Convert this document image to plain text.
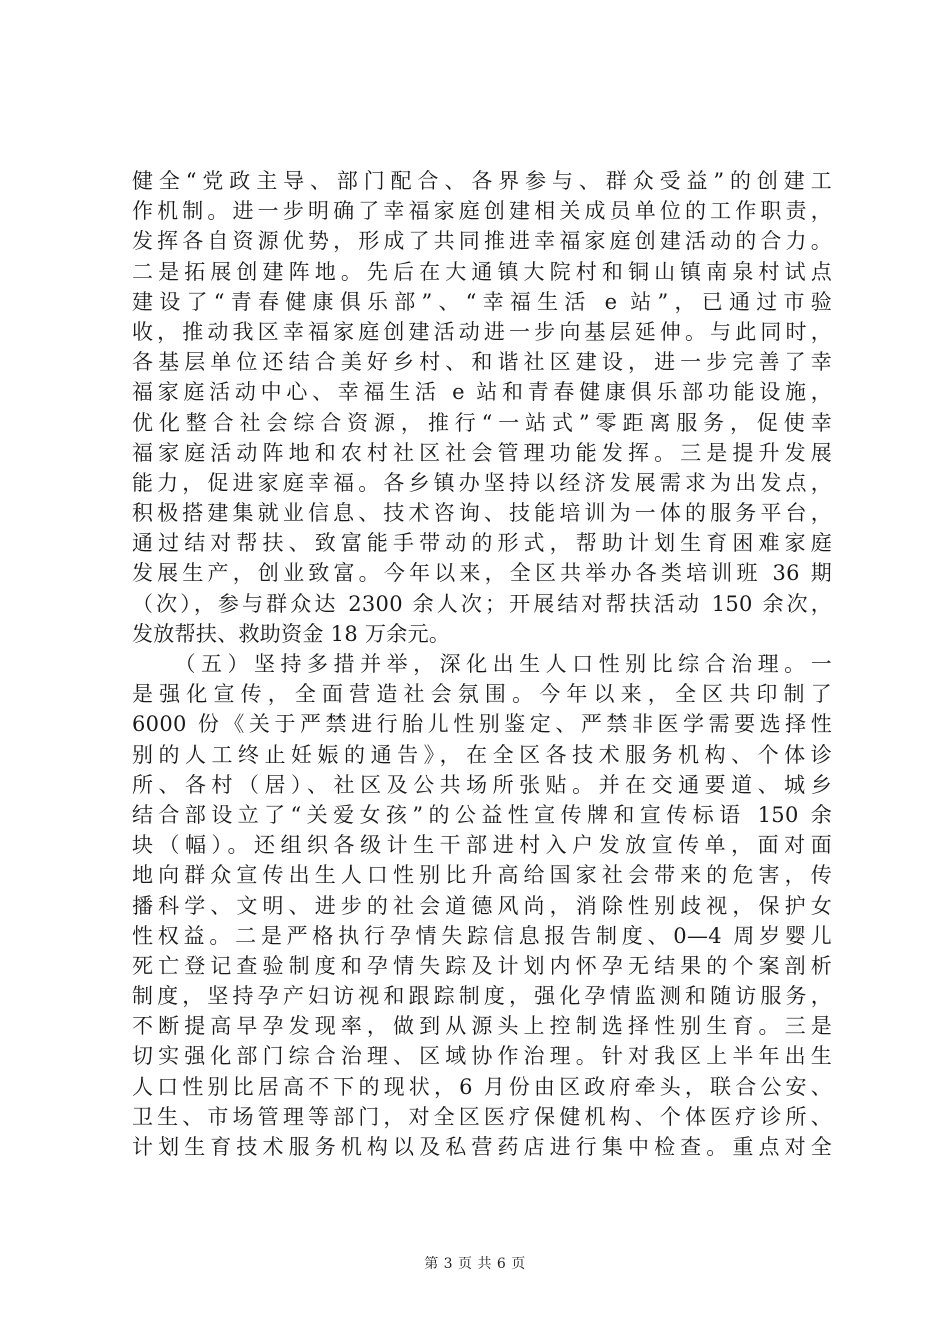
健全“党政主导、部门配合、各界参与、群众受益”的创建工
作机制。进一步明确了幸福家庭创建相关成员单位的工作职责，
发挥各自资源优势，形成了共同推进幸福家庭创建活动的合力。
二是拓展创建阵地。先后在大通镇大院村和铜山镇南泉村试点
建设了“青春健康俱乐部”、“幸福生活 e 站”，已通过市验
收，推动我区幸福家庭创建活动进一步向基层延伸。与此同时，
各基层单位还结合美好乡村、和谐社区建设，进一步完善了幸
福家庭活动中心、幸福生活 e 站和青春健康俱乐部功能设施，
优化整合社会综合资源，推行“一站式”零距离服务，促使幸
福家庭活动阵地和农村社区社会管理功能发挥。三是提升发展
能力，促进家庭幸福。各乡镇办坚持以经济发展需求为出发点，
积极搭建集就业信息、技术咨询、技能培训为一体的服务平台，
通过结对帮扶、致富能手带动的形式，帮助计划生育困难家庭
发展生产，创业致富。今年以来，全区共举办各类培训班 36 期
（次），参与群众达 2300 余人次；开展结对帮扶活动 150 余次，
发放帮扶、救助资金 18 万余元。
　　（五）坚持多措并举，深化出生人口性别比综合治理。一
是强化宣传，全面营造社会氛围。今年以来，全区共印制了
6000 份《关于严禁进行胎儿性别鉴定、严禁非医学需要选择性
别的人工终止妊娠的通告》，在全区各技术服务机构、个体诊
所、各村（居）、社区及公共场所张贴。并在交通要道、城乡
结合部设立了“关爱女孩”的公益性宣传牌和宣传标语 150 余
块（幅）。还组织各级计生干部进村入户发放宣传单，面对面
地向群众宣传出生人口性别比升高给国家社会带来的危害，传
播科学、文明、进步的社会道德风尚，消除性别歧视，保护女
性权益。二是严格执行孕情失踪信息报告制度、0—4 周岁婴儿
死亡登记查验制度和孕情失踪及计划内怀孕无结果的个案剖析
制度，坚持孕产妇访视和跟踪制度，强化孕情监测和随访服务，
不断提高早孕发现率，做到从源头上控制选择性别生育。三是
切实强化部门综合治理、区域协作治理。针对我区上半年出生
人口性别比居高不下的现状，6 月份由区政府牵头，联合公安、
卫生、市场管理等部门，对全区医疗保健机构、个体医疗诊所、
计划生育技术服务机构以及私营药店进行集中检查。重点对全
第 3 页 共 6 页
